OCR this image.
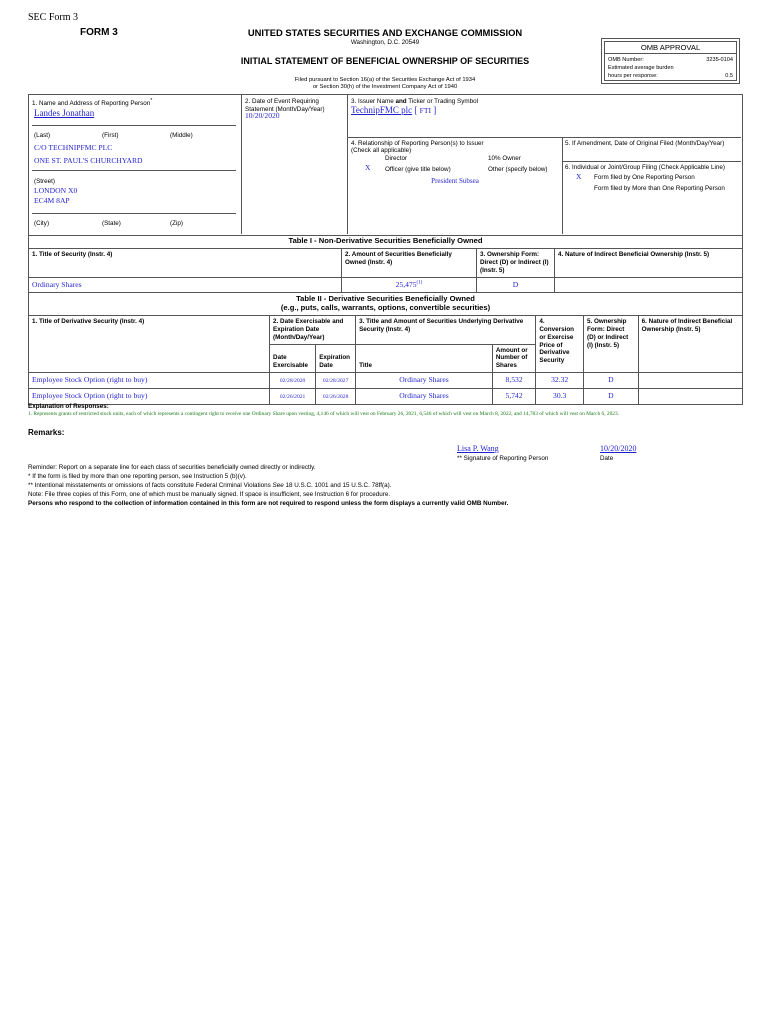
SEC Form 3
FORM 3	UNITED STATES SECURITIES AND EXCHANGE COMMISSION
Washington, D.C. 20549
INITIAL STATEMENT OF BENEFICIAL OWNERSHIP OF SECURITIES
Filed pursuant to Section 16(a) of the Securities Exchange Act of 1934
or Section 30(h) of the Investment Company Act of 1940
OMB APPROVAL
OMB Number:	3235-0104
Estimated average burden
hours per response:	0.5
1. Name and Address of Reporting Person*
Landes Jonathan
(Last)	(First)	(Middle)
C/O TECHNIPFMC PLC
ONE ST. PAUL'S CHURCHYARD
(Street)
LONDON X0
EC4M 8AP
(City)	(State)	(Zip)
2. Date of Event Requiring Statement (Month/Day/Year)
10/20/2020
3. Issuer Name and Ticker or Trading Symbol
TechnipFMC plc [ FTI ]
4. Relationship of Reporting Person(s) to Issuer
(Check all applicable)
Director	10% Owner
X Officer (give title below)	Other (specify below)
President Subsea
5. If Amendment, Date of Original Filed (Month/Day/Year)
6. Individual or Joint/Group Filing (Check Applicable Line)
X Form filed by One Reporting Person
Form filed by More than One Reporting Person
Table I - Non-Derivative Securities Beneficially Owned
1. Title of Security (Instr. 4)	2. Amount of Securities Beneficially Owned (Instr. 4)	3. Ownership Form: Direct (D) or Indirect (I) (Instr. 5)	4. Nature of Indirect Beneficial Ownership (Instr. 5)
Ordinary Shares	25,475$^{(1)}$	D	
Table II - Derivative Securities Beneficially Owned
(e.g., puts, calls, warrants, options, convertible securities)
1. Title of Derivative Security (Instr. 4)	2. Date Exercisable and Expiration Date (Month/Day/Year)		3. Title and Amount of Securities Underlying Derivative Security (Instr. 4)		4. Conversion or Exercise Price of Derivative Security	5. Ownership Form: Direct (D) or Indirect (I) (Instr. 5)	6. Nature of Indirect Beneficial Ownership (Instr. 5)
	Date Exercisable	Expiration Date	Title	Amount or Number of Shares			
Employee Stock Option (right to buy)	02/28/2020	02/28/2027	Ordinary Shares	8,532	32.32	D	
Employee Stock Option (right to buy)	02/26/2021	02/26/2028	Ordinary Shares	5,742	30.3	D	
Explanation of Responses:
1. Represents grants of restricted stock units, each of which represents a contingent right to receive one Ordinary Share upon vesting, 4,146 of which will vest on February 26, 2021, 6,546 of which will vest on March 8, 2022, and 14,783 of which will vest on March 6, 2023.
Remarks:
Lisa P. Wang	10/20/2020
** Signature of Reporting Person	Date
Reminder: Report on a separate line for each class of securities beneficially owned directly or indirectly.
* If the form is filed by more than one reporting person, see Instruction 5 (b)(v).
** Intentional misstatements or omissions of facts constitute Federal Criminal Violations See 18 U.S.C. 1001 and 15 U.S.C. 78ff(a).
Note: File three copies of this Form, one of which must be manually signed. If space is insufficient, see Instruction 6 for procedure.
Persons who respond to the collection of information contained in this form are not required to respond unless the form displays a currently valid OMB Number.
